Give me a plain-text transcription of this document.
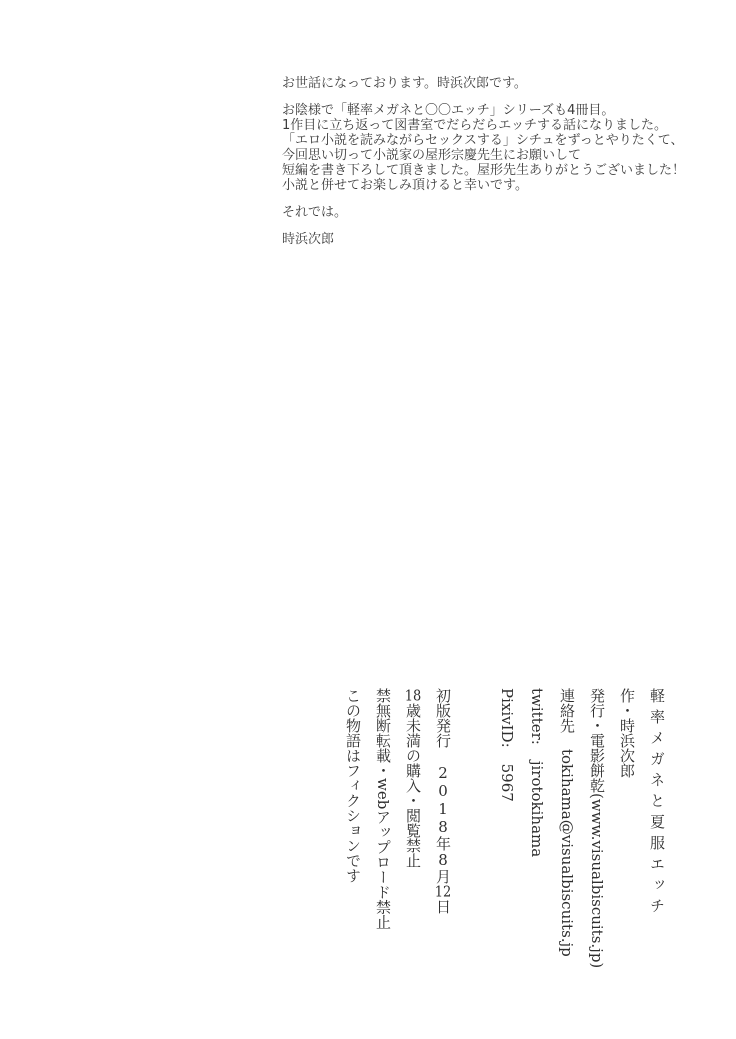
お世話になっております。時浜次郎です。

お陰様で「軽率メガネと〇〇エッチ」シリーズも4冊目。
1作目に立ち返って図書室でだらだらエッチする話になりました。
「エロ小説を読みながらセックスする」シチュをずっとやりたくて、
今回思い切って小説家の屋形宗慶先生にお願いして
短編を書き下ろして頂きました。屋形先生ありがとうございました！
小説と併せてお楽しみ頂けると幸いです。

それでは。

時浜次郎

軽率メガネと夏服エッチ
作・時浜次郎
発行・電影餅乾(www.visualbiscuits.jp)
連絡先tokihama@visualbiscuits.jp
twitter:jirotokihama
PixivID:5967
初版発行2018年8月12日
18歳未満の購入・閲覧禁止
禁無断転載・webアップロード禁止
この物語はフィクションです
